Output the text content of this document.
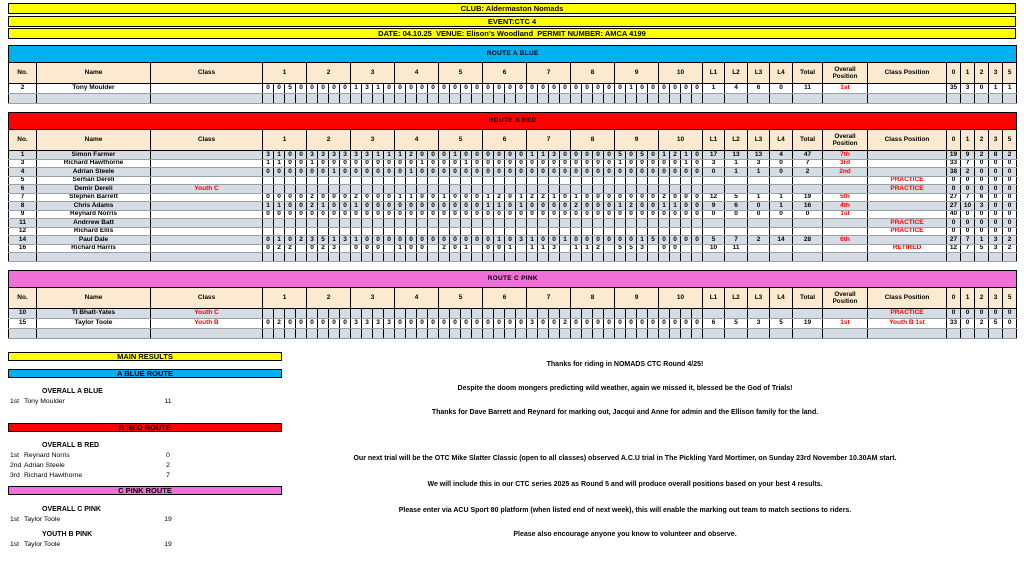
CLUB: Aldermaston Nomads
EVENT:CTC 4
DATE: 04.10.25  VENUE: Elison's Woodland  PERMIT NUMBER: AMCA 4199
ROUTE A BLUE																																																						
No.	Name	Class	1				2				3				4				5				6				7				8				9				10				L1	L2	L3	L4	Total	Overall Position	Class Position	0	1	2	3	5
2	Tony Moulder		0	0	5	0	0	0	0	0	1	3	1	0	0	0	0	0	0	0	0	0	0	0	0	0	0	0	0	0	0	0	0	0	0	1	0	0	0	0	0	0	1	4	6	0	11	1st		35	3	0	1	1

ROUTE B RED																																																						
No.	Name	Class	1				2				3				4				5				6				7				8				9				10				L1	L2	L3	L4	Total	Overall Position	Class Position	0	1	2	3	5
1	Simon Farmer		3	1	0	0	3	3	3	3	3	3	1	1	1	2	0	0	0	1	0	0	0	0	0	0	1	1	3	0	0	0	0	0	5	0	5	0	1	2	1	0	17	13	13	4	47	7th		19	9	2	8	2
3	Richard Hawthorne		1	1	0	0	1	0	0	0	0	0	0	0	0	0	1	0	0	0	1	0	0	0	0	0	0	0	0	0	0	0	0	0	1	0	0	0	0	0	1	0	3	1	3	0	7	3rd		33	7	0	0	0
4	Adrian Steele		0	0	0	0	0	0	1	0	0	0	0	0	0	1	0	0	0	0	0	0	0	0	0	0	0	0	0	0	0	0	0	0	0	0	0	0	0	0	0	0	0	1	1	0	2	2nd		38	2	0	0	0
5	Serhan Dereli																																																PRACTICE	0	0	0	0	0
6	Demir Dereli	Youth C																																															PRACTICE	0	0	0	0	0
7	Stephen Barrett		0	0	0	0	2	0	0	0	2	0	0	0	1	1	0	0	1	0	0	0	1	2	0	1	2	2	1	0	1	0	0	0	0	0	0	0	2	0	0	0	12	5	1	1	19	5th		27	7	6	0	0
8	Chris Adams		1	1	0	0	2	1	0	0	1	0	0	0	0	0	0	0	0	0	0	0	1	1	0	1	0	0	0	0	2	0	0	0	1	2	0	0	1	1	0	0	9	6	0	1	16	4th		27	10	3	0	0
9	Reynard Norris		0	0	0	0	0	0	0	0	0	0	0	0	0	0	0	0	0	0	0	0	0	0	0	0	0	0	0	0	0	0	0	0	0	0	0	0	0	0	0	0	0	0	0	0	0	1st		40	0	0	0	0
11	Andrrew Batt																																																PRACTICE	0	0	0	0	0
12	Richard Ellis																																																PRACTICE	0	0	0	0	0
14	Paul Dale		0	1	0	2	3	5	1	3	1	0	0	0	0	0	0	0	0	0	0	0	0	1	0	3	1	0	0	1	0	0	0	0	0	0	1	5	0	0	0	0	5	7	2	14	28	6th		27	7	1	3	2
16	Richard Harris		0	2	2		0	2	3		0	0	0		1	0	0		2	0	1		0	0	1		1	1	3		1	1	2		5	5	3		0	0			10	11					RETIRED	12	7	5	3	2

ROUTE C PINK																																																						
No.	Name	Class	1				2				3				4				5				6				7				8				9				10				L1	L2	L3	L4	Total	Overall Position	Class Position	0	1	2	3	5
10	Ti Bhatt-Yates	Youth C																																															PRACTICE	0	0	0	0	0
15	Taylor Toole	Youth B	0	2	0	0	0	0	0	0	3	3	3	3	0	0	0	0	0	0	0	0	0	0	0	0	3	0	0	2	0	0	0	0	0	0	0	0	0	0	0	0	6	5	3	5	19	1st	Youth B 1st	33	0	2	5	0

MAIN RESULTS
A BLUE ROUTE
OVERALL A BLUE
1st Tony Moulder	11
B RED ROUTE
OVERALL B RED
1st Reynard Norris	0
2nd Adrian Steele	2
3rd Richard Hawthorne	7
C PINK ROUTE
OVERALL C PINK
1st Taylor Toole	19
YOUTH B PINK
1st Taylor Toole	19
Thanks for riding in NOMADS CTC Round 4/25!
Despite the doom mongers predicting wild weather, again we missed it, blessed be the God of Trials!
Thanks for Dave Barrett and Reynard for marking out, Jacqui and Anne for admin and the Ellison family for the land.
Our next trial will be the OTC Mike Slatter Classic (open to all classes) observed A.C.U trial in The Pickling Yard Mortimer, on Sunday 23rd November 10.30AM start.
We will include this in our CTC series 2025 as Round 5 and will produce overall positions based on your best 4 results.
Please enter via ACU Sport 80 platform (when listed end of next week), this will enable the marking out team to match sections to riders.
Please also encourage anyone you know to volunteer and observe.
